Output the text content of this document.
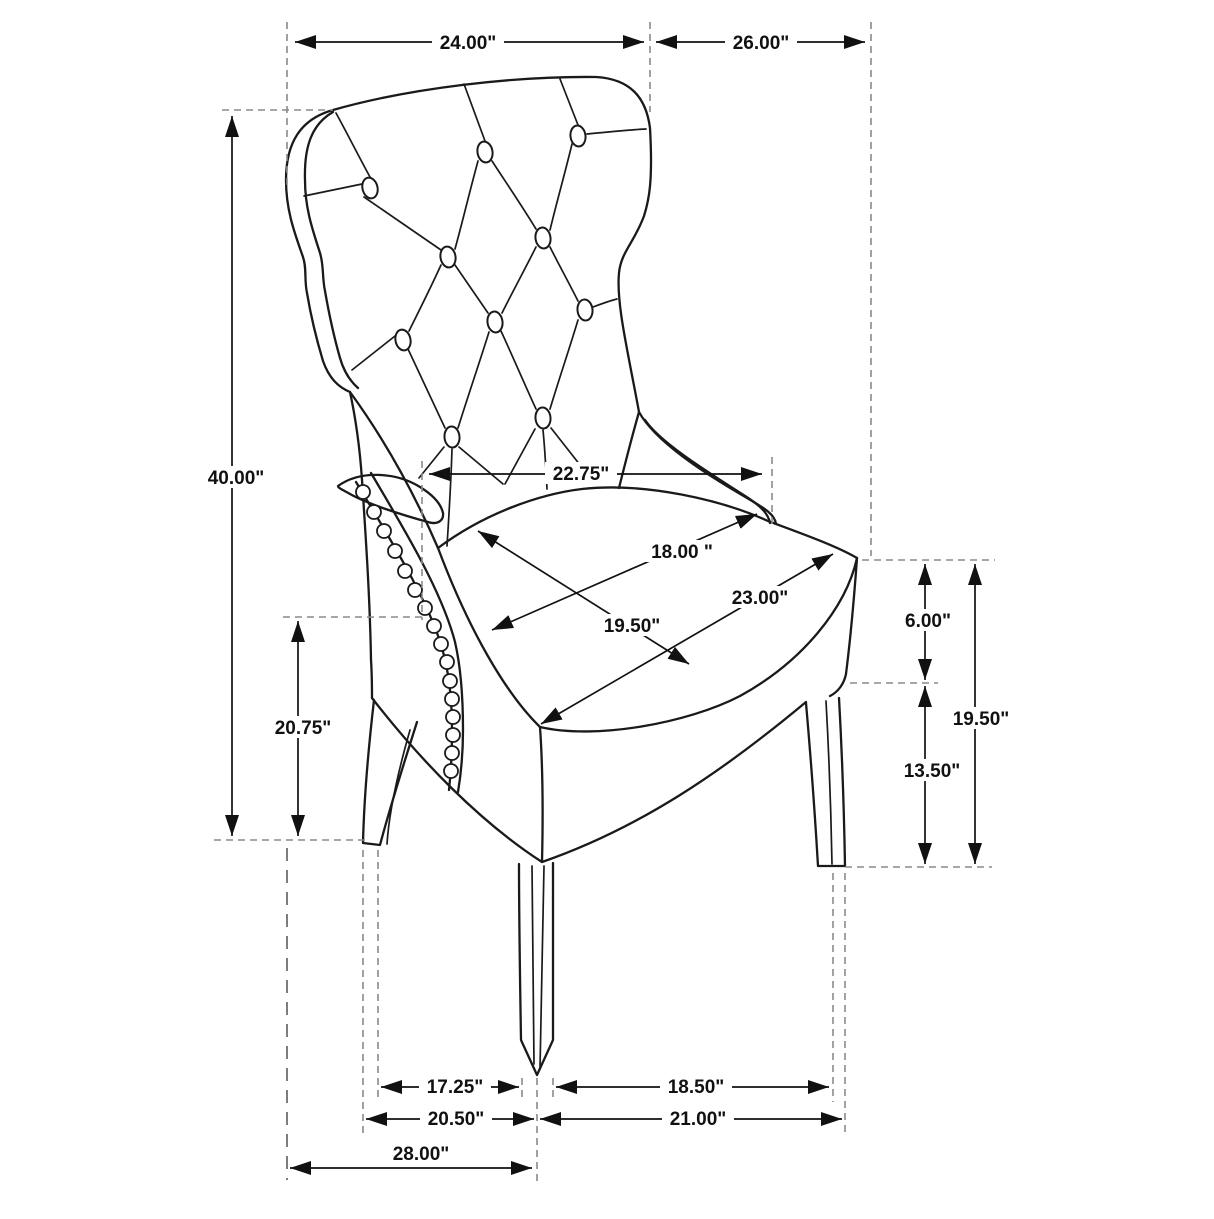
24.00"	26.00"
40.00"
20.75"
22.75"
18.00 "
23.00"
19.50"	6.00"
19.50"
13.50"
17.25"	18.50"
20.50"	21.00"
28.00"
